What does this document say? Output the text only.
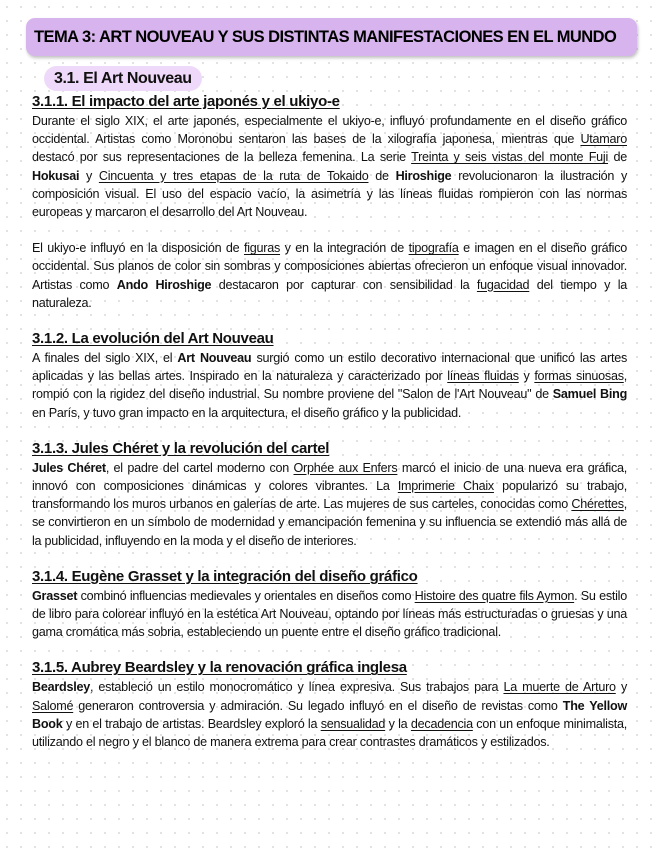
TEMA 3: ART NOUVEAU Y SUS DISTINTAS MANIFESTACIONES EN EL MUNDO
3.1. El Art Nouveau
3.1.1. El impacto del arte japonés y el ukiyo-e

Durante el siglo XIX, el arte japonés, especialmente el ukiyo-e, influyó profundamente en el diseño gráfico occidental. Artistas como Moronobu sentaron las bases de la xilografía japonesa, mientras que Utamaro destacó por sus representaciones de la belleza femenina. La serie Treinta y seis vistas del monte Fuji de Hokusai y Cincuenta y tres etapas de la ruta de Tokaido de Hiroshige revolucionaron la ilustración y composición visual. El uso del espacio vacío, la asimetría y las líneas fluidas rompieron con las normas europeas y marcaron el desarrollo del Art Nouveau.

El ukiyo-e influyó en la disposición de figuras y en la integración de tipografía e imagen en el diseño gráfico occidental. Sus planos de color sin sombras y composiciones abiertas ofrecieron un enfoque visual innovador. Artistas como Ando Hiroshige destacaron por capturar con sensibilidad la fugacidad del tiempo y la naturaleza.

3.1.2. La evolución del Art Nouveau

A finales del siglo XIX, el Art Nouveau surgió como un estilo decorativo internacional que unificó las artes aplicadas y las bellas artes. Inspirado en la naturaleza y caracterizado por líneas fluidas y formas sinuosas, rompió con la rigidez del diseño industrial. Su nombre proviene del "Salon de l'Art Nouveau" de Samuel Bing en París, y tuvo gran impacto en la arquitectura, el diseño gráfico y la publicidad.

3.1.3. Jules Chéret y la revolución del cartel

Jules Chéret, el padre del cartel moderno con Orphée aux Enfers marcó el inicio de una nueva era gráfica, innovó con composiciones dinámicas y colores vibrantes. La Imprimerie Chaix popularizó su trabajo, transformando los muros urbanos en galerías de arte. Las mujeres de sus carteles, conocidas como Chérettes, se convirtieron en un símbolo de modernidad y emancipación femenina y su influencia se extendió más allá de la publicidad, influyendo en la moda y el diseño de interiores.

3.1.4. Eugène Grasset y la integración del diseño gráfico

Grasset combinó influencias medievales y orientales en diseños como Histoire des quatre fils Aymon. Su estilo de libro para colorear influyó en la estética Art Nouveau, optando por líneas más estructuradas o gruesas y una gama cromática más sobria, estableciendo un puente entre el diseño gráfico tradicional.

3.1.5. Aubrey Beardsley y la renovación gráfica inglesa

Beardsley, estableció un estilo monocromático y línea expresiva. Sus trabajos para La muerte de Arturo y Salomé generaron controversia y admiración. Su legado influyó en el diseño de revistas como The Yellow Book y en el trabajo de artistas. Beardsley exploró la sensualidad y la decadencia con un enfoque minimalista, utilizando el negro y el blanco de manera extrema para crear contrastes dramáticos y estilizados.
